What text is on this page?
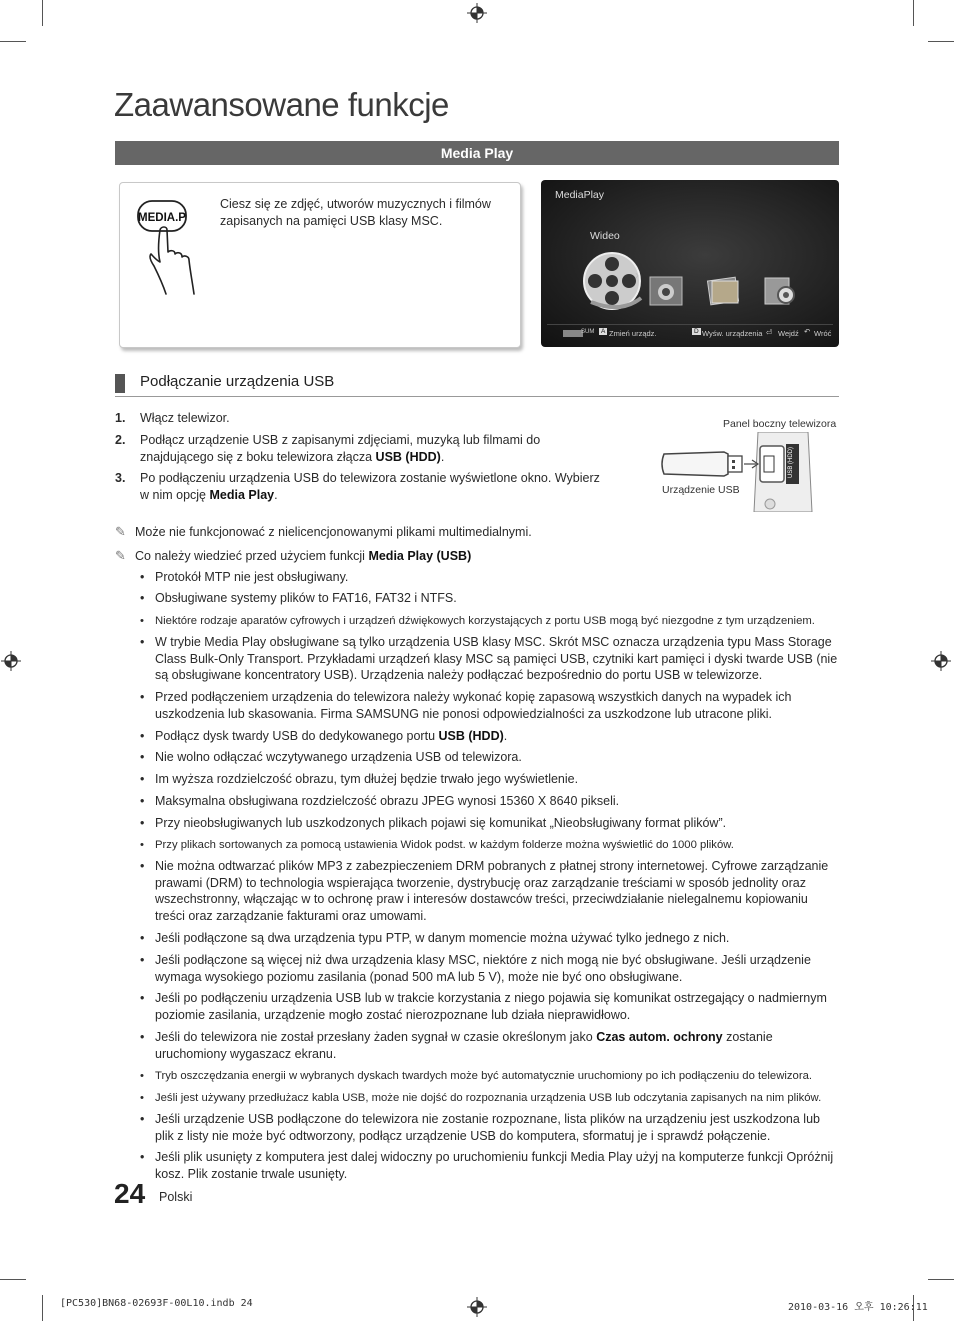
Zaawansowane funkcje
Media Play
MEDIA.P
Ciesz się ze zdjęć, utworów muzycznych i filmów zapisanych na pamięci USB klasy MSC.
MediaPlay
Wideo
›
SUM	A Zmień urządz.	D Wyśw. urządzenia ⏎ Wejdź ↶ Wróć
Podłączanie urządzenia USB
1. Włącz telewizor.
2. Podłącz urządzenie USB z zapisanymi zdjęciami, muzyką lub filmami do znajdującego się z boku telewizora złącza USB (HDD).
3. Po podłączeniu urządzenia USB do telewizora zostanie wyświetlone okno. Wybierz w nim opcję Media Play.
Panel boczny telewizora
Urządzenie USB
USB (HDD)
✎ Może nie funkcjonować z nielicencjonowanymi plikami multimedialnymi.
✎ Co należy wiedzieć przed użyciem funkcji Media Play (USB)
• Protokół MTP nie jest obsługiwany.
• Obsługiwane systemy plików to FAT16, FAT32 i NTFS.
• Niektóre rodzaje aparatów cyfrowych i urządzeń dźwiękowych korzystających z portu USB mogą być niezgodne z tym urządzeniem.
• W trybie Media Play obsługiwane są tylko urządzenia USB klasy MSC. Skrót MSC oznacza urządzenia typu Mass Storage Class Bulk-Only Transport. Przykładami urządzeń klasy MSC są pamięci USB, czytniki kart pamięci i dyski twarde USB (nie są obsługiwane koncentratory USB). Urządzenia należy podłączać bezpośrednio do portu USB w telewizorze.
• Przed podłączeniem urządzenia do telewizora należy wykonać kopię zapasową wszystkich danych na wypadek ich uszkodzenia lub skasowania. Firma SAMSUNG nie ponosi odpowiedzialności za uszkodzone lub utracone pliki.
• Podłącz dysk twardy USB do dedykowanego portu USB (HDD).
• Nie wolno odłączać wczytywanego urządzenia USB od telewizora.
• Im wyższa rozdzielczość obrazu, tym dłużej będzie trwało jego wyświetlenie.
• Maksymalna obsługiwana rozdzielczość obrazu JPEG wynosi 15360 X 8640 pikseli.
• Przy nieobsługiwanych lub uszkodzonych plikach pojawi się komunikat „Nieobsługiwany format plików”.
• Przy plikach sortowanych za pomocą ustawienia Widok podst. w każdym folderze można wyświetlić do 1000 plików.
• Nie można odtwarzać plików MP3 z zabezpieczeniem DRM pobranych z płatnej strony internetowej. Cyfrowe zarządzanie prawami (DRM) to technologia wspierająca tworzenie, dystrybucję oraz zarządzanie treściami w sposób jednolity oraz wszechstronny, włączając w to ochronę praw i interesów dostawców treści, przeciwdziałanie nielegalnemu kopiowaniu treści oraz zarządzanie fakturami oraz umowami.
• Jeśli podłączone są dwa urządzenia typu PTP, w danym momencie można używać tylko jednego z nich.
• Jeśli podłączone są więcej niż dwa urządzenia klasy MSC, niektóre z nich mogą nie być obsługiwane. Jeśli urządzenie wymaga wysokiego poziomu zasilania (ponad 500 mA lub 5 V), może nie być ono obsługiwane.
• Jeśli po podłączeniu urządzenia USB lub w trakcie korzystania z niego pojawia się komunikat ostrzegający o nadmiernym poziomie zasilania, urządzenie mogło zostać nierozpoznane lub działa nieprawidłowo.
• Jeśli do telewizora nie został przesłany żaden sygnał w czasie określonym jako Czas autom. ochrony zostanie uruchomiony wygaszacz ekranu.
• Tryb oszczędzania energii w wybranych dyskach twardych może być automatycznie uruchomiony po ich podłączeniu do telewizora.
• Jeśli jest używany przedłużacz kabla USB, może nie dojść do rozpoznania urządzenia USB lub odczytania zapisanych na nim plików.
• Jeśli urządzenie USB podłączone do telewizora nie zostanie rozpoznane, lista plików na urządzeniu jest uszkodzona lub plik z listy nie może być odtworzony, podłącz urządzenie USB do komputera, sformatuj je i sprawdź połączenie.
• Jeśli plik usunięty z komputera jest dalej widoczny po uruchomieniu funkcji Media Play użyj na komputerze funkcji Opróżnij kosz. Plik zostanie trwale usunięty.
24 Polski
[PC530]BN68-02693F-00L10.indb 24	2010-03-16 오후 10:26:11
